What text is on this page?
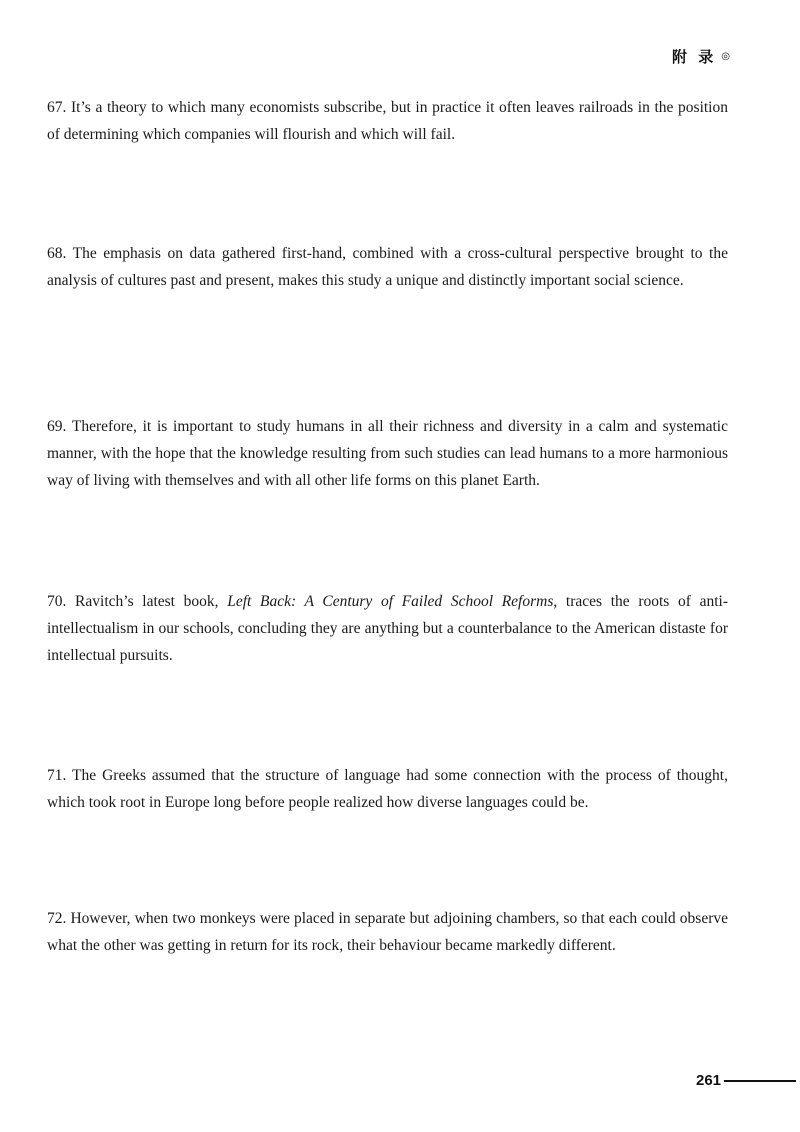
附 录 ◎

67. It’s a theory to which many economists subscribe, but in practice it often leaves railroads in the position of determining which companies will flourish and which will fail.

68. The emphasis on data gathered first-hand, combined with a cross-cultural perspective brought to the analysis of cultures past and present, makes this study a unique and distinctly important social science.

69. Therefore, it is important to study humans in all their richness and diversity in a calm and systematic manner, with the hope that the knowledge resulting from such studies can lead humans to a more harmonious way of living with themselves and with all other life forms on this planet Earth.

70. Ravitch’s latest book, Left Back: A Century of Failed School Reforms, traces the roots of anti-intellectualism in our schools, concluding they are anything but a counterbalance to the American distaste for intellectual pursuits.

71. The Greeks assumed that the structure of language had some connection with the process of thought, which took root in Europe long before people realized how diverse languages could be.

72. However, when two monkeys were placed in separate but adjoining chambers, so that each could observe what the other was getting in return for its rock, their behaviour became markedly different.

261
